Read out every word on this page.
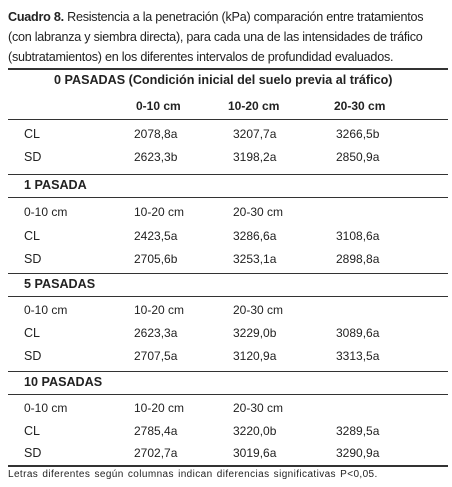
Cuadro 8. Resistencia a la penetración (kPa) comparación entre tratamientos (con labranza y siembra directa), para cada una de las intensidades de tráfico (subtratamientos) en los diferentes intervalos de profundidad evaluados.
0 PASADAS (Condición inicial del suelo previa al tráfico)
0-10 cm	10-20 cm	20-30 cm
CL	2078,8a	3207,7a	3266,5b
SD	2623,3b	3198,2a	2850,9a
1 PASADA
0-10 cm	10-20 cm	20-30 cm
CL	2423,5a	3286,6a	3108,6a
SD	2705,6b	3253,1a	2898,8a
5 PASADAS
0-10 cm	10-20 cm	20-30 cm
CL	2623,3a	3229,0b	3089,6a
SD	2707,5a	3120,9a	3313,5a
10 PASADAS
0-10 cm	10-20 cm	20-30 cm
CL	2785,4a	3220,0b	3289,5a
SD	2702,7a	3019,6a	3290,9a
Letras diferentes según columnas indican diferencias significativas P<0,05.
